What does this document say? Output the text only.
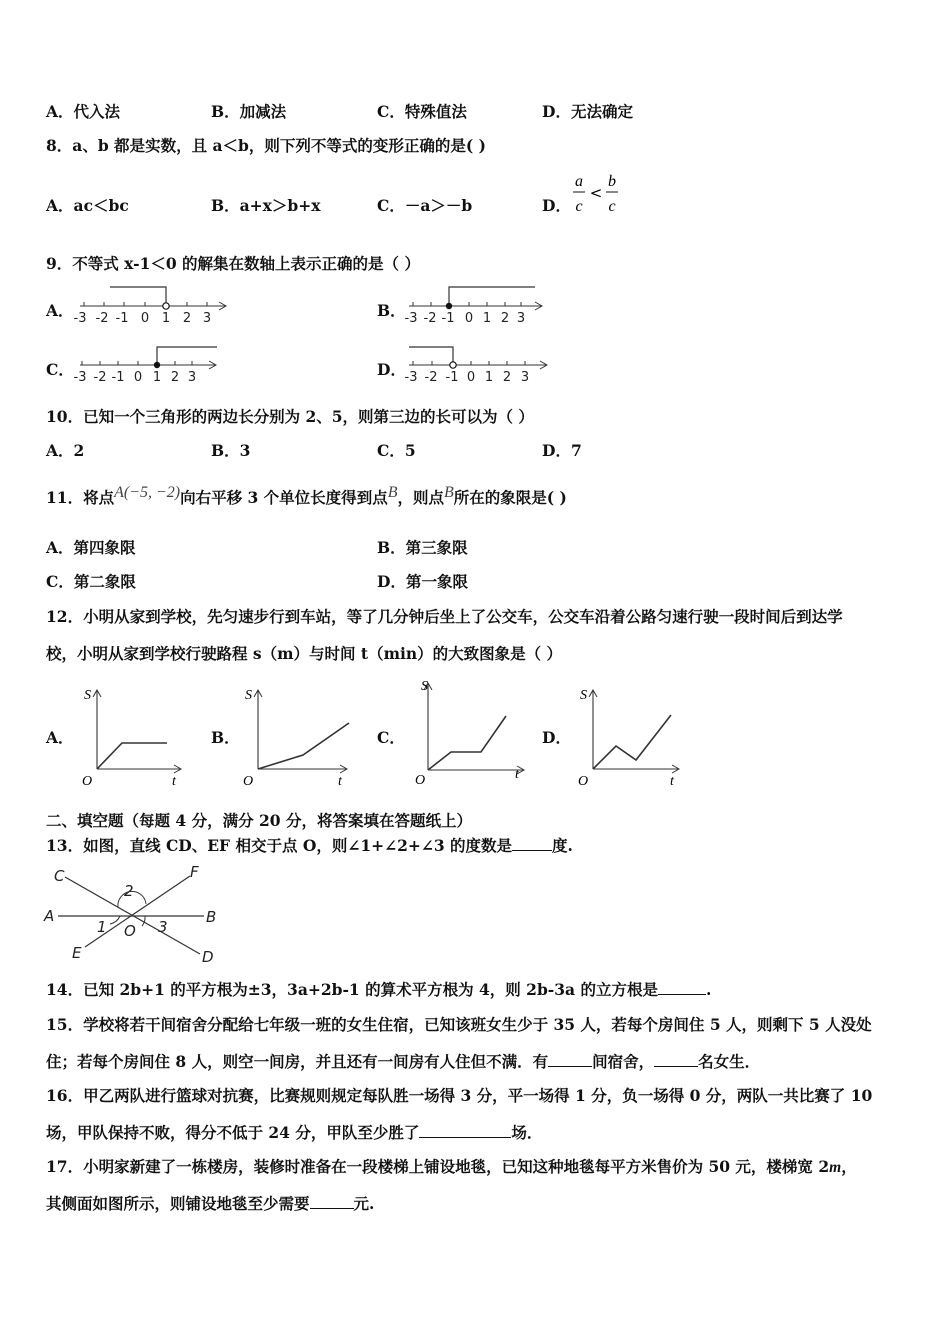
A．代入法	B．加减法	C．特殊值法	D．无法确定
8．a、b 都是实数，且 a＜b，则下列不等式的变形正确的是( )
A．ac＜bc	B．a+x＞b+x	C．－a＞－b	D．
a
c
<
b
c
9．不等式 x-1＜0 的解集在数轴上表示正确的是（ ）
A．	B．
C．	D．
-3 -2 -1 0 1 2 3	-3 -2 -1 0 1 2 3
-3 -2 -1 0 1 2 3	-3 -2 -1 0 1 2 3
10．已知一个三角形的两边长分别为 2、5，则第三边的长可以为（ ）
A．2	B．3	C．5	D．7
11．将点A(−5, −2)向右平移 3 个单位长度得到点B，则点B所在的象限是( )
A．第四象限	B．第三象限
C．第二象限	D．第一象限
12．小明从家到学校，先匀速步行到车站，等了几分钟后坐上了公交车，公交车沿着公路匀速行驶一段时间后到达学
校，小明从家到学校行驶路程 s（m）与时间 t（min）的大致图象是（ ）
A．	B．	C．	D．
S
t
O
S
t
O
S
t
O
S
t
O
二、填空题（每题 4 分，满分 20 分，将答案填在答题纸上）
13．如图，直线 CD、EF 相交于点 O，则∠1+∠2+∠3 的度数是	度.
C	F
A	B
E	D
O
1
2
3
14．已知 2b+1 的平方根为±3，3a+2b-1 的算术平方根为 4，则 2b-3a 的立方根是	.
15．学校将若干间宿舍分配给七年级一班的女生住宿，已知该班女生少于 35 人，若每个房间住 5 人，则剩下 5 人没处
住；若每个房间住 8 人，则空一间房，并且还有一间房有人住但不满．有	间宿舍，	名女生．
16．甲乙两队进行篮球对抗赛，比赛规则规定每队胜一场得 3 分，平一场得 1 分，负一场得 0 分，两队一共比赛了 10
场，甲队保持不败，得分不低于 24 分，甲队至少胜了	场．
17．小明家新建了一栋楼房，装修时准备在一段楼梯上铺设地毯，已知这种地毯每平方米售价为 50 元，楼梯宽 2m，
其侧面如图所示，则铺设地毯至少需要	元.
